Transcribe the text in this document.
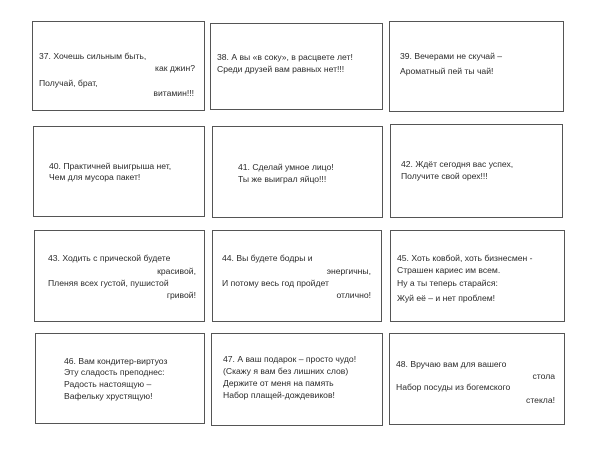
37. Хочешь сильным быть,
как джин?
Получай, брат,
витамин!!!
38. А вы «в соку», в расцвете лет!
Среди друзей вам равных нет!!!
39. Вечерами не скучай –
Ароматный пей ты чай!
40. Практичней выигрыша нет,
Чем для мусора пакет!
41. Сделай умное лицо!
Ты же выиграл яйцо!!!
42. Ждёт сегодня вас успех,
Получите свой орех!!!
43. Ходить с прической будете
красивой,
Пленяя всех густой, пушистой
гривой!
44. Вы будете бодры и
энергичны,
И потому весь год пройдет
отлично!
45. Хоть ковбой, хоть бизнесмен -
Страшен кариес им всем.
Ну а ты теперь старайся:
Жуй её – и нет проблем!
46. Вам кондитер-виртуоз
Эту сладость преподнес:
Радость настоящую –
Вафельку хрустящую!
47. А ваш подарок – просто чудо!
(Скажу я вам без лишних слов)
Держите от меня на память
Набор плащей-дождевиков!
48. Вручаю вам для вашего
стола
Набор посуды из богемского
стекла!
